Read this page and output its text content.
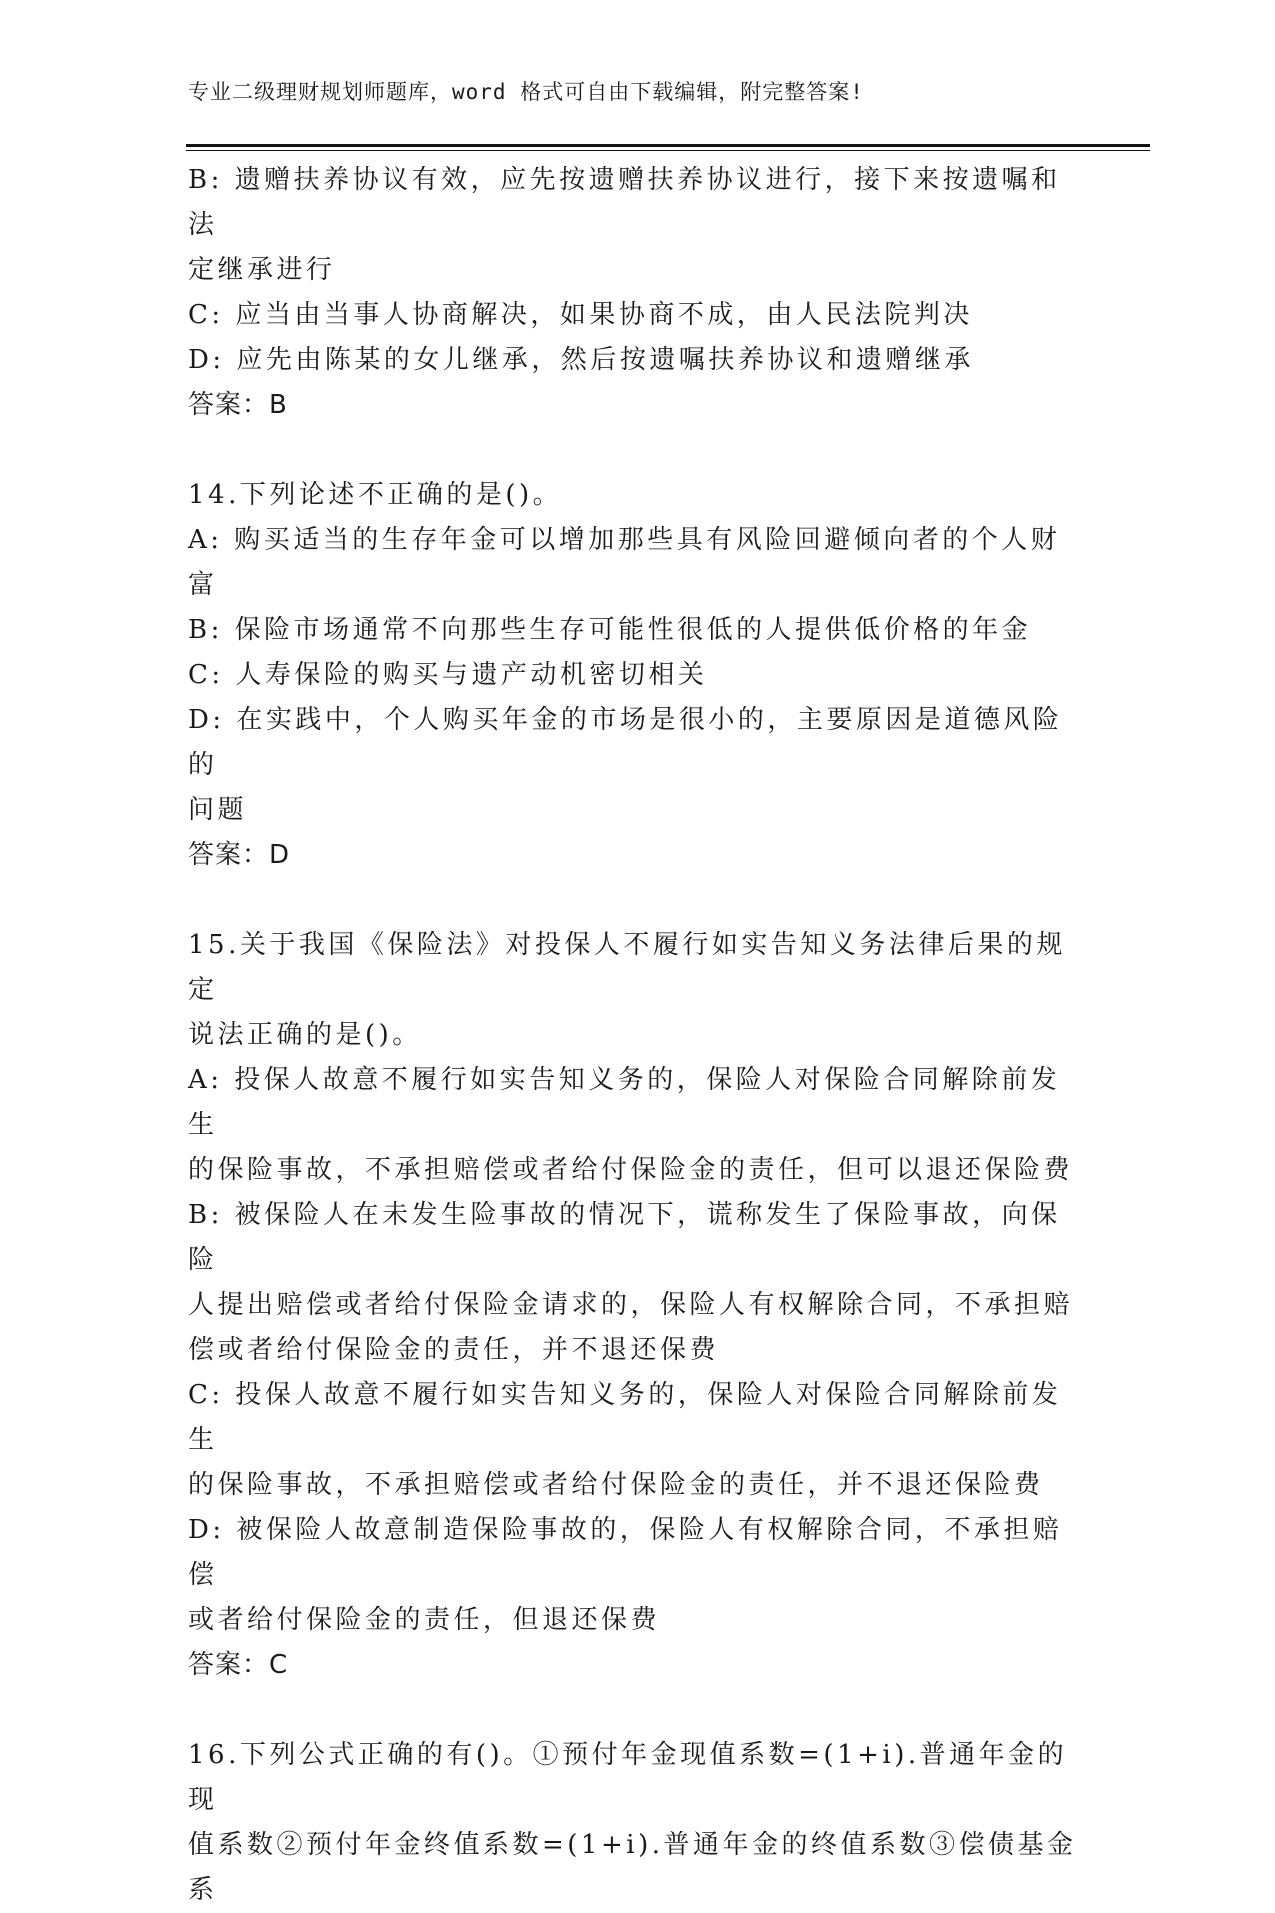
专业二级理财规划师题库，word 格式可自由下载编辑，附完整答案!

B: 遗赠扶养协议有效，应先按遗赠扶养协议进行，接下来按遗嘱和法

定继承进行

C: 应当由当事人协商解决，如果协商不成，由人民法院判决

D: 应先由陈某的女儿继承，然后按遗嘱扶养协议和遗赠继承

答案：B

14.下列论述不正确的是()。

A: 购买适当的生存年金可以增加那些具有风险回避倾向者的个人财富

B: 保险市场通常不向那些生存可能性很低的人提供低价格的年金

C: 人寿保险的购买与遗产动机密切相关

D: 在实践中，个人购买年金的市场是很小的，主要原因是道德风险的

问题

答案：D

15.关于我国《保险法》对投保人不履行如实告知义务法律后果的规定

说法正确的是()。

A: 投保人故意不履行如实告知义务的，保险人对保险合同解除前发生

的保险事故，不承担赔偿或者给付保险金的责任，但可以退还保险费

B: 被保险人在未发生险事故的情况下，谎称发生了保险事故，向保险

人提出赔偿或者给付保险金请求的，保险人有权解除合同，不承担赔

偿或者给付保险金的责任，并不退还保费

C: 投保人故意不履行如实告知义务的，保险人对保险合同解除前发生

的保险事故，不承担赔偿或者给付保险金的责任，并不退还保险费

D: 被保险人故意制造保险事故的，保险人有权解除合同，不承担赔偿

或者给付保险金的责任，但退还保费

答案：C

16.下列公式正确的有()。①预付年金现值系数=(1+i).普通年金的现

值系数②预付年金终值系数=(1+i).普通年金的终值系数③偿债基金系
